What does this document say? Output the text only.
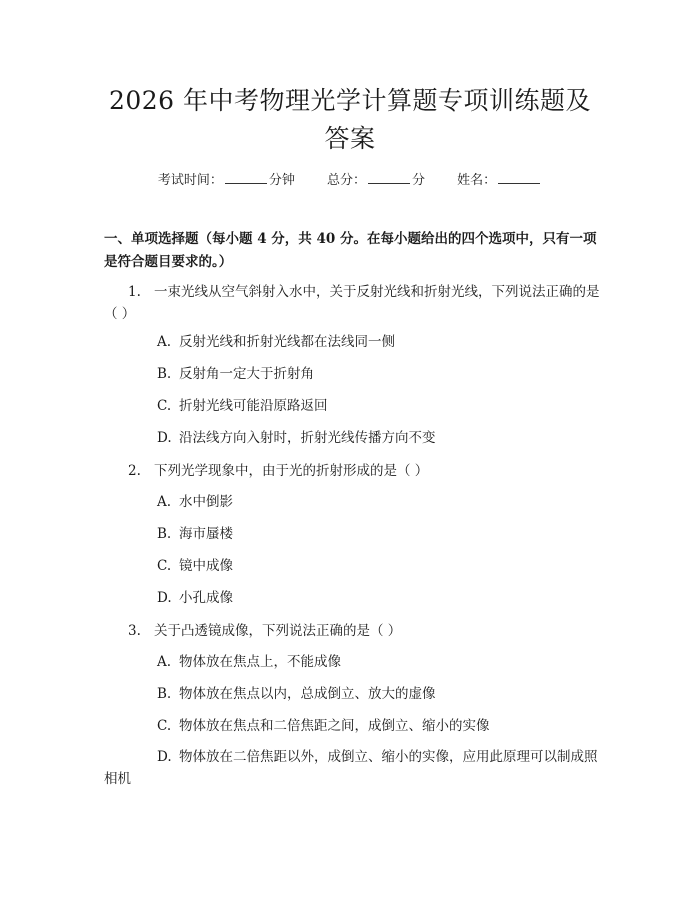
2026 年中考物理光学计算题专项训练题及答案
考试时间：	分钟 总分：	分 姓名：
一、单项选择题（每小题 4 分，共 40 分。在每小题给出的四个选项中，只有一项是符合题目要求的。）
1. 一束光线从空气斜射入水中，关于反射光线和折射光线，下列说法正确的是（ ）
A. 反射光线和折射光线都在法线同一侧
B. 反射角一定大于折射角
C. 折射光线可能沿原路返回
D. 沿法线方向入射时，折射光线传播方向不变
2. 下列光学现象中，由于光的折射形成的是（ ）
A. 水中倒影
B. 海市蜃楼
C. 镜中成像
D. 小孔成像
3. 关于凸透镜成像，下列说法正确的是（ ）
A. 物体放在焦点上，不能成像
B. 物体放在焦点以内，总成倒立、放大的虚像
C. 物体放在焦点和二倍焦距之间，成倒立、缩小的实像
D. 物体放在二倍焦距以外，成倒立、缩小的实像，应用此原理可以制成照相机
